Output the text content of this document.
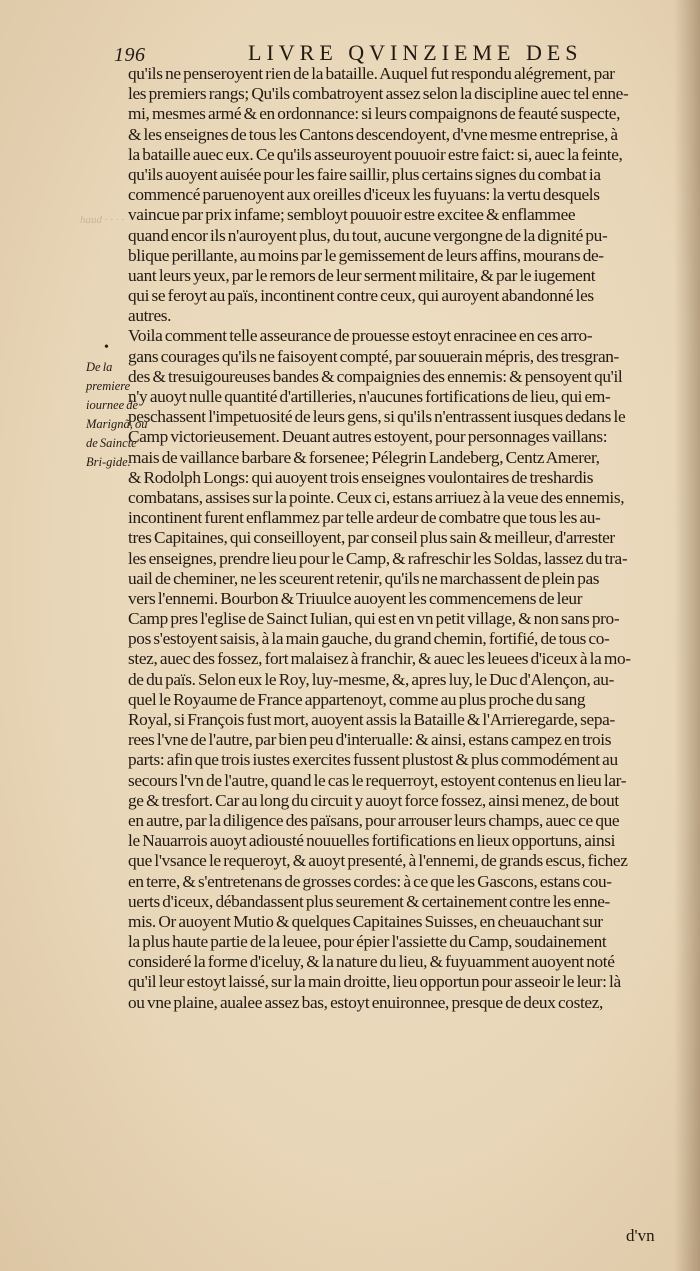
196	LIVRE QVINZIEME DES
haud · · · ·
•
De la premiere iournee de Marignã, ou de Saincte Bri-gide.
qu'ils ne penseroyent rien de la bataille. Auquel fut respondu alégrement, par
les premiers rangs; Qu'ils combatroyent assez selon la discipline auec tel enne-
mi, mesmes armé & en ordonnance: si leurs compaignons de feauté suspecte,
& les enseignes de tous les Cantons descendoyent, d'vne mesme entreprise, à
la bataille auec eux. Ce qu'ils asseuroyent pouuoir estre faict: si, auec la feinte,
qu'ils auoyent auisée pour les faire saillir, plus certains signes du combat ia
commencé paruenoyent aux oreilles d'iceux les fuyuans: la vertu desquels
vaincue par prix infame; sembloyt pouuoir estre excitee & enflammee
quand encor ils n'auroyent plus, du tout, aucune vergongne de la dignité pu-
blique perillante, au moins par le gemissement de leurs affins, mourans de-
uant leurs yeux, par le remors de leur serment militaire, & par le iugement
qui se feroyt au païs, incontinent contre ceux, qui auroyent abandonné les
autres.
Voila comment telle asseurance de prouesse estoyt enracinee en ces arro-
gans courages qu'ils ne faisoyent compté, par souuerain mépris, des tresgran-
des & tresuigoureuses bandes & compaignies des ennemis: & pensoyent qu'il
n'y auoyt nulle quantité d'artilleries, n'aucunes fortifications de lieu, qui em-
peschassent l'impetuosité de leurs gens, si qu'ils n'entrassent iusques dedans le
Camp victorieusement. Deuant autres estoyent, pour personnages vaillans:
mais de vaillance barbare & forsenee; Pélegrin Landeberg, Centz Amerer,
& Rodolph Longs: qui auoyent trois enseignes voulontaires de treshardis
combatans, assises sur la pointe. Ceux ci, estans arriuez à la veue des ennemis,
incontinent furent enflammez par telle ardeur de combatre que tous les au-
tres Capitaines, qui conseilloyent, par conseil plus sain & meilleur, d'arrester
les enseignes, prendre lieu pour le Camp, & rafreschir les Soldas, lassez du tra-
uail de cheminer, ne les sceurent retenir, qu'ils ne marchassent de plein pas
vers l'ennemi. Bourbon & Triuulce auoyent les commencemens de leur
Camp pres l'eglise de Sainct Iulian, qui est en vn petit village, & non sans pro-
pos s'estoyent saisis, à la main gauche, du grand chemin, fortifié, de tous co-
stez, auec des fossez, fort malaisez à franchir, & auec les leuees d'iceux à la mo-
de du païs. Selon eux le Roy, luy-mesme, &, apres luy, le Duc d'Alençon, au-
quel le Royaume de France appartenoyt, comme au plus proche du sang
Royal, si François fust mort, auoyent assis la Bataille & l'Arrieregarde, sepa-
rees l'vne de l'autre, par bien peu d'interualle: & ainsi, estans campez en trois
parts: afin que trois iustes exercites fussent plustost & plus commodément au
secours l'vn de l'autre, quand le cas le requerroyt, estoyent contenus en lieu lar-
ge & tresfort. Car au long du circuit y auoyt force fossez, ainsi menez, de bout
en autre, par la diligence des païsans, pour arrouser leurs champs, auec ce que
le Nauarrois auoyt adiousté nouuelles fortifications en lieux opportuns, ainsi
que l'vsance le requeroyt, & auoyt presenté, à l'ennemi, de grands escus, fichez
en terre, & s'entretenans de grosses cordes: à ce que les Gascons, estans cou-
uerts d'iceux, débandassent plus seurement & certainement contre les enne-
mis. Or auoyent Mutio & quelques Capitaines Suisses, en cheuauchant sur
la plus haute partie de la leuee, pour épier l'assiette du Camp, soudainement
consideré la forme d'iceluy, & la nature du lieu, & fuyuamment auoyent noté
qu'il leur estoyt laissé, sur la main droitte, lieu opportun pour asseoir le leur: là
ou vne plaine, aualee assez bas, estoyt enuironnee, presque de deux costez,
d'vn
